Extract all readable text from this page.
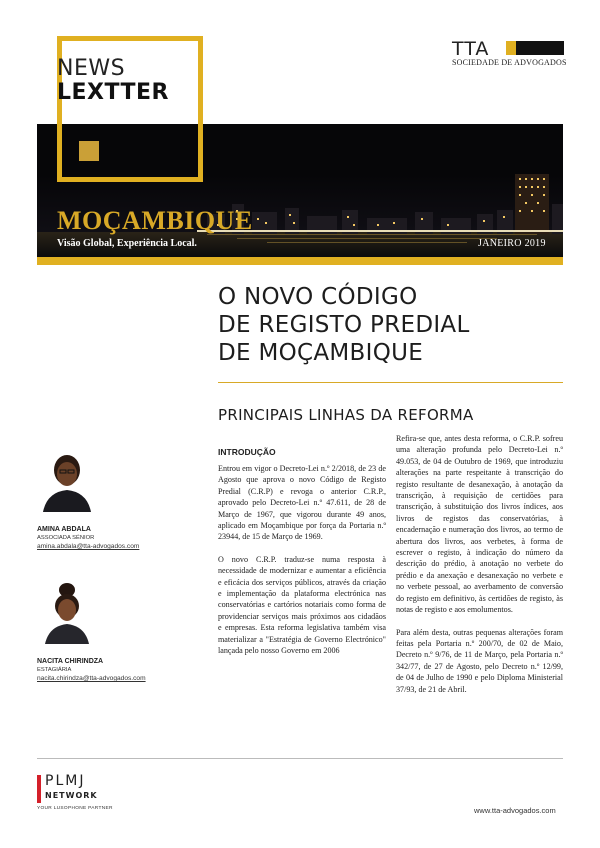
NEWS
LEXTTER
TTA
SOCIEDADE DE ADVOGADOS
MOÇAMBIQUE
Visão Global, Experiência Local.	JANEIRO 2019
O NOVO CÓDIGO
DE REGISTO PREDIAL
DE MOÇAMBIQUE
PRINCIPAIS LINHAS DA REFORMA
AMINA ABDALA
ASSOCIADA SÉNIOR
amina.abdala@tta-advogados.com
NACITA CHIRINDZA
ESTAGIÁRIA
nacita.chirindza@tta-advogados.com
INTRODUÇÃO

Entrou em vigor o Decreto-Lei n.º 2/2018, de 23 de Agosto que aprova o novo Código de Registo Predial (C.R.P) e revoga o anterior C.R.P., aprovado pelo Decreto-Lei n.º 47.611, de 28 de Março de 1967, que vigorou durante 49 anos, aplicado em Moçambique por força da Portaria n.º 23944, de 15 de Março de 1969.

O novo C.R.P. traduz-se numa resposta à necessidade de modernizar e aumentar a eficiência e eficácia dos serviços públicos, através da criação e implementação da plataforma electrónica nas conservatórias e cartórios notariais como forma de providenciar serviços mais próximos aos cidadãos e empresas. Esta reforma legislativa também visa materializar a "Estratégia de Governo Electrónico" lançada pelo nosso Governo em 2006

Refira-se que, antes desta reforma, o C.R.P. sofreu uma alteração profunda pelo Decreto-Lei n.º 49.053, de 04 de Outubro de 1969, que introduziu alterações na parte respeitante à transcrição do registo resultante de desanexação, à anotação da transcrição, à requisição de certidões para transcrição, à substituição dos livros índices, aos livros de registos das conservatórias, à encadernação e numeração dos livros, ao termo de abertura dos livros, aos verbetes, à forma de escrever o registo, à indicação do número da descrição do prédio, à anotação no verbete do prédio e da anexação e desanexação no verbete e no verbete pessoal, ao averbamento de conversão do registo em definitivo, às certidões de registo, às notas de registo e aos emolumentos.

Para além desta, outras pequenas alterações foram feitas pela Portaria n.º 200/70, de 02 de Maio, Decreto n.º 9/76, de 11 de Março, pela Portaria n.º 342/77, de 27 de Agosto, pelo Decreto n.º 12/99, de 04 de Julho de 1990 e pelo Diploma Ministerial 37/93, de 21 de Abril.

PLMJ
NETWORK
YOUR LUSOPHONE PARTNER	www.tta-advogados.com
